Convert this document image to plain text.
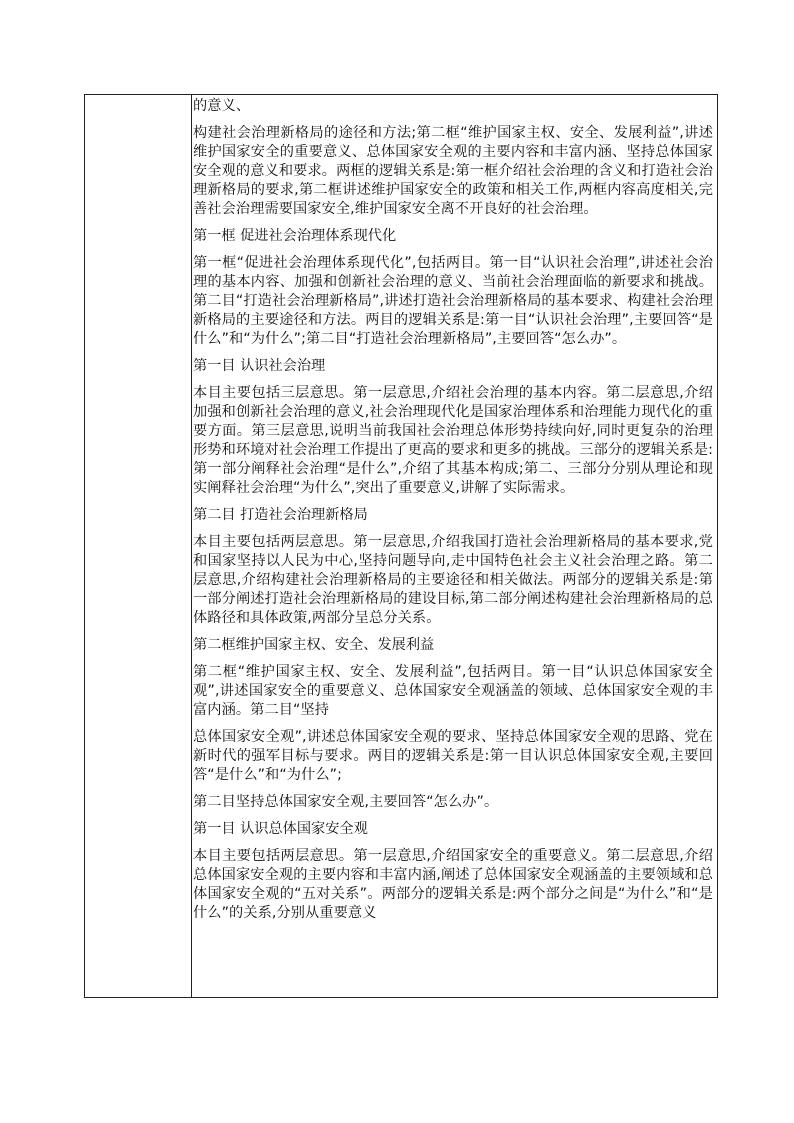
的意义、

构建社会治理新格局的途径和方法;第二框“维护国家主权、安全、发展利益”,讲述维护国家安全的重要意义、总体国家安全观的主要内容和丰富内涵、坚持总体国家安全观的意义和要求。两框的逻辑关系是:第一框介绍社会治理的含义和打造社会治理新格局的要求,第二框讲述维护国家安全的政策和相关工作,两框内容高度相关,完善社会治理需要国家安全,维护国家安全离不开良好的社会治理。

第一框 促进社会治理体系现代化

第一框“促进社会治理体系现代化”,包括两目。第一目“认识社会治理”,讲述社会治理的基本内容、加强和创新社会治理的意义、当前社会治理面临的新要求和挑战。第二目“打造社会治理新格局”,讲述打造社会治理新格局的基本要求、构建社会治理新格局的主要途径和方法。两目的逻辑关系是:第一目“认识社会治理”,主要回答“是什么”和“为什么”;第二目“打造社会治理新格局”,主要回答“怎么办”。

第一目 认识社会治理

本目主要包括三层意思。第一层意思,介绍社会治理的基本内容。第二层意思,介绍加强和创新社会治理的意义,社会治理现代化是国家治理体系和治理能力现代化的重要方面。第三层意思,说明当前我国社会治理总体形势持续向好,同时更复杂的治理形势和环境对社会治理工作提出了更高的要求和更多的挑战。三部分的逻辑关系是:第一部分阐释社会治理“是什么”,介绍了其基本构成;第二、三部分分别从理论和现实阐释社会治理“为什么”,突出了重要意义,讲解了实际需求。

第二目 打造社会治理新格局

本目主要包括两层意思。第一层意思,介绍我国打造社会治理新格局的基本要求,党和国家坚持以人民为中心,坚持问题导向,走中国特色社会主义社会治理之路。第二层意思,介绍构建社会治理新格局的主要途径和相关做法。两部分的逻辑关系是:第一部分阐述打造社会治理新格局的建设目标,第二部分阐述构建社会治理新格局的总体路径和具体政策,两部分呈总分关系。

第二框维护国家主权、安全、发展利益

第二框“维护国家主权、安全、发展利益”,包括两目。第一目“认识总体国家安全观”,讲述国家安全的重要意义、总体国家安全观涵盖的领域、总体国家安全观的丰富内涵。第二目“坚持

总体国家安全观”,讲述总体国家安全观的要求、坚持总体国家安全观的思路、党在新时代的强军目标与要求。两目的逻辑关系是:第一目认识总体国家安全观,主要回答“是什么”和“为什么”;

第二目坚持总体国家安全观,主要回答“怎么办”。

第一目 认识总体国家安全观

本目主要包括两层意思。第一层意思,介绍国家安全的重要意义。第二层意思,介绍总体国家安全观的主要内容和丰富内涵,阐述了总体国家安全观涵盖的主要领域和总体国家安全观的“五对关系”。两部分的逻辑关系是:两个部分之间是“为什么”和“是什么”的关系,分别从重要意义
